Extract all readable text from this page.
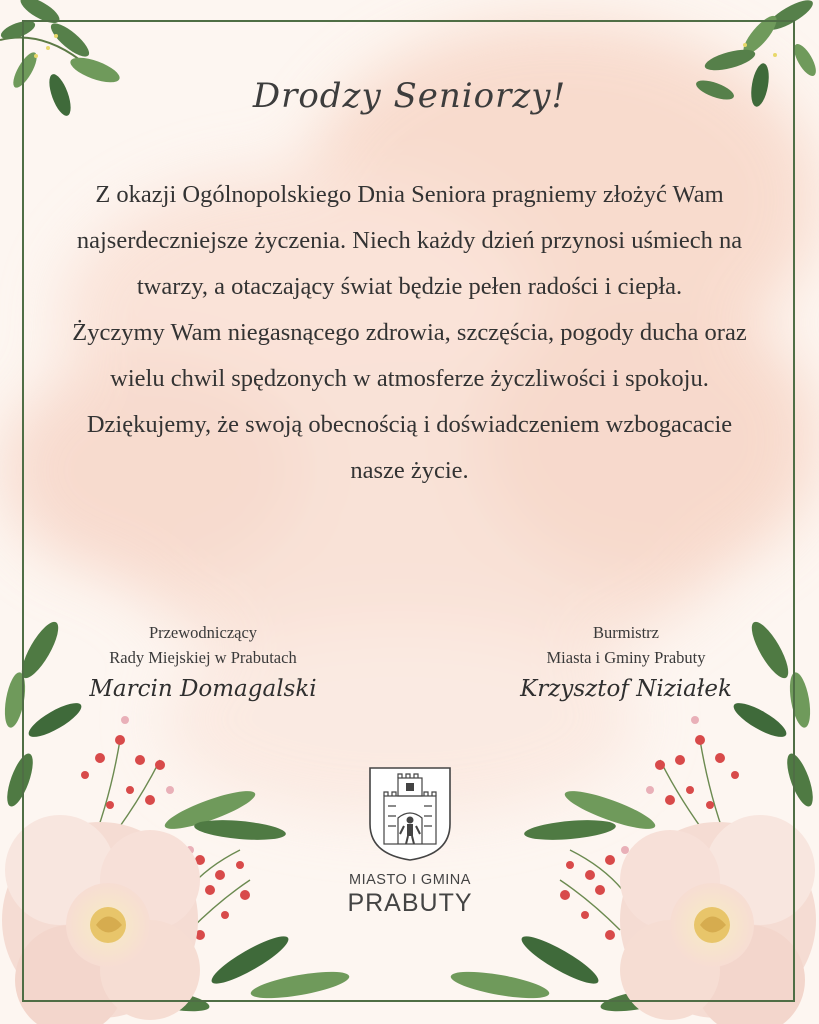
Drodzy Seniorzy!

Z okazji Ogólnopolskiego Dnia Seniora pragniemy złożyć Wam najserdeczniejsze życzenia. Niech każdy dzień przynosi uśmiech na twarzy, a otaczający świat będzie pełen radości i ciepła.

Życzymy Wam niegasnącego zdrowia, szczęścia, pogody ducha oraz wielu chwil spędzonych w atmosferze życzliwości i spokoju.

Dziękujemy, że swoją obecnością i doświadczeniem wzbogacacie nasze życie.

Przewodniczący
Rady Miejskiej w Prabutach
Marcin Domagalski
Burmistrz
Miasta i Gminy Prabuty
Krzysztof Niziałek
MIASTO I GMINA
PRABUTY
